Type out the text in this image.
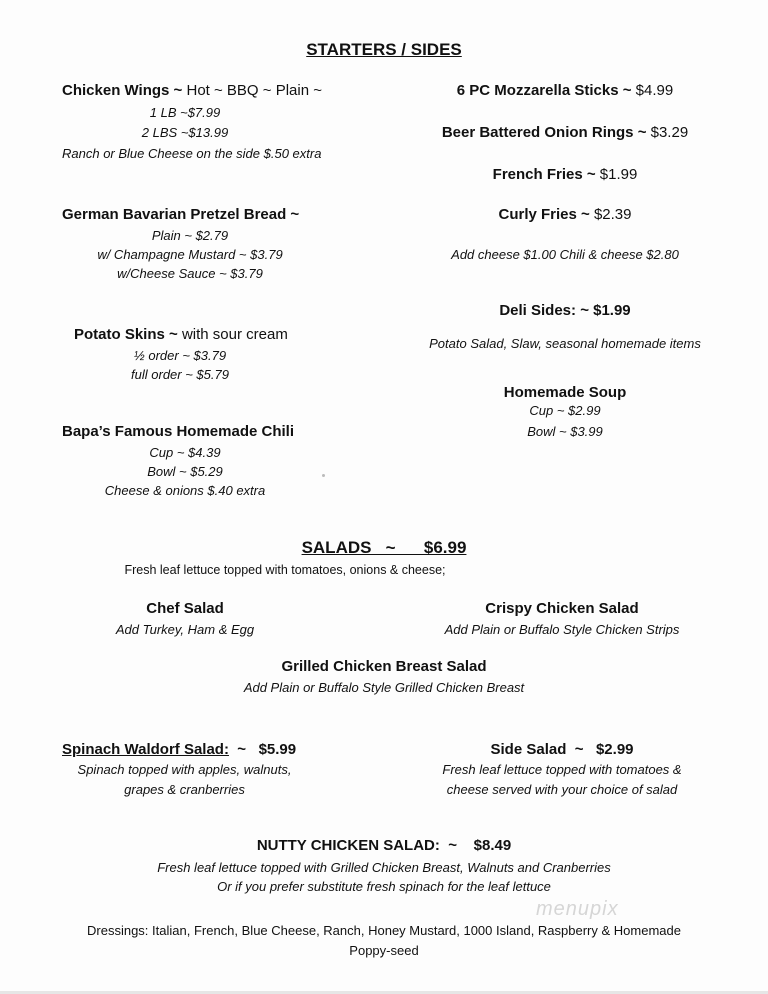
STARTERS / SIDES
Chicken Wings ~ Hot ~ BBQ ~ Plain ~
1 LB ~$7.99
2 LBS ~$13.99
Ranch or Blue Cheese on the side $.50 extra
German Bavarian Pretzel Bread ~
Plain ~ $2.79
w/ Champagne Mustard ~ $3.79
w/Cheese Sauce ~ $3.79
Potato Skins ~ with sour cream
½ order ~ $3.79
full order ~ $5.79
Bapa’s Famous Homemade Chili
Cup ~ $4.39
Bowl ~ $5.29
Cheese & onions $.40 extra
6 PC Mozzarella Sticks ~ $4.99
Beer Battered Onion Rings ~ $3.29
French Fries ~ $1.99
Curly Fries ~ $2.39
Add cheese $1.00 Chili & cheese $2.80
Deli Sides: ~ $1.99
Potato Salad, Slaw, seasonal homemade items
Homemade Soup
Cup ~ $2.99
Bowl ~ $3.99
SALADS   ~      $6.99
Fresh leaf lettuce topped with tomatoes, onions & cheese;
Chef Salad
Add Turkey, Ham & Egg
Crispy Chicken Salad
Add Plain or Buffalo Style Chicken Strips
Grilled Chicken Breast Salad
Add Plain or Buffalo Style Grilled Chicken Breast
Spinach Waldorf Salad:  ~   $5.99
Spinach topped with apples, walnuts,
grapes & cranberries
Side Salad  ~   $2.99
Fresh leaf lettuce topped with tomatoes &
cheese served with your choice of salad
NUTTY CHICKEN SALAD:  ~    $8.49
Fresh leaf lettuce topped with Grilled Chicken Breast, Walnuts and Cranberries
Or if you prefer substitute fresh spinach for the leaf lettuce
menupix
Dressings: Italian, French, Blue Cheese, Ranch, Honey Mustard, 1000 Island, Raspberry & Homemade
Poppy-seed
